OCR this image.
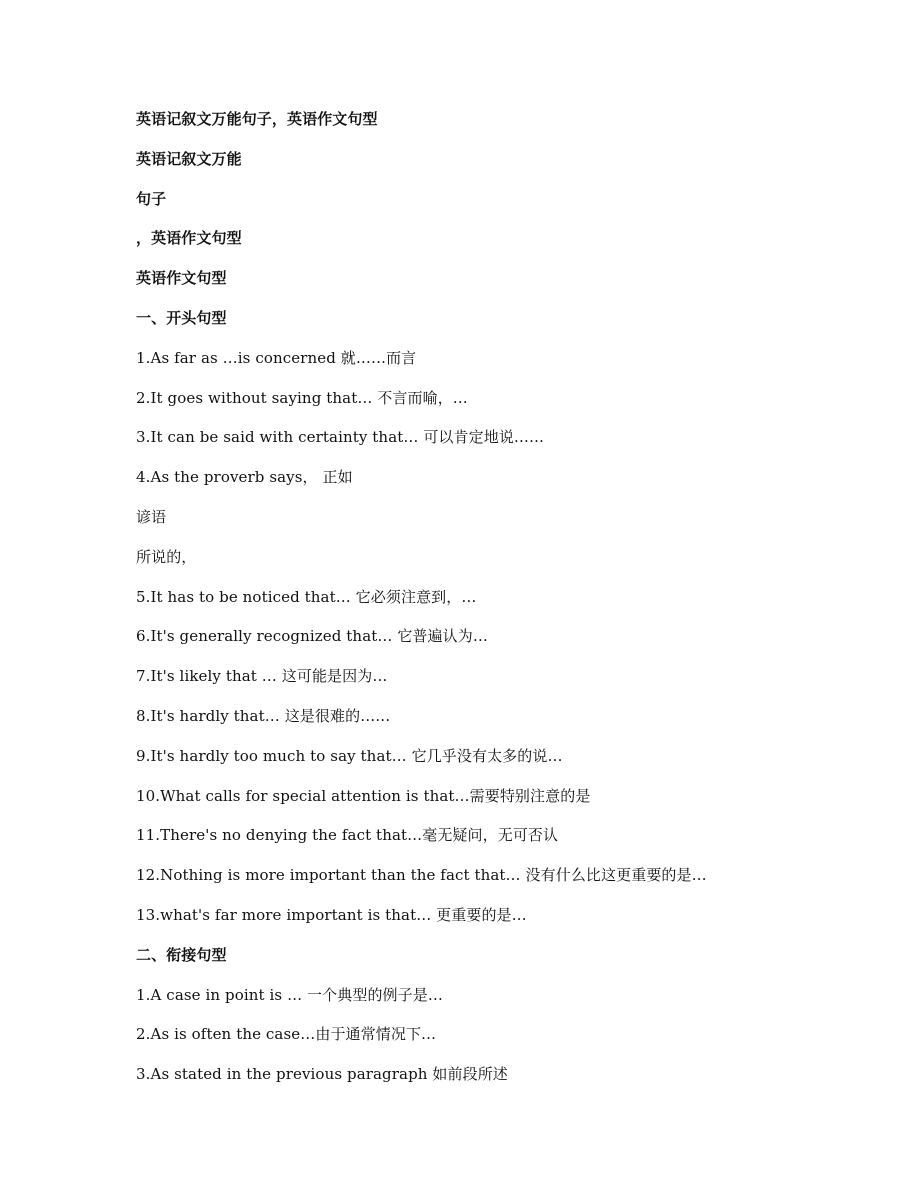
英语记叙文万能句子，英语作文句型
英语记叙文万能
句子
，英语作文句型
英语作文句型
一、开头句型
1.As far as …is concerned 就……而言
2.It goes without saying that… 不言而喻，…
3.It can be said with certainty that… 可以肯定地说……
4.As the proverb says， 正如
谚语
所说的，
5.It has to be noticed that… 它必须注意到，…
6.It's generally recognized that… 它普遍认为…
7.It's likely that … 这可能是因为…
8.It's hardly that… 这是很难的……
9.It's hardly too much to say that… 它几乎没有太多的说…
10.What calls for special attention is that…需要特别注意的是
11.There's no denying the fact that…毫无疑问，无可否认
12.Nothing is more important than the fact that… 没有什么比这更重要的是…
13.what's far more important is that… 更重要的是…
二、衔接句型
1.A case in point is … 一个典型的例子是…
2.As is often the case…由于通常情况下…
3.As stated in the previous paragraph 如前段所述
